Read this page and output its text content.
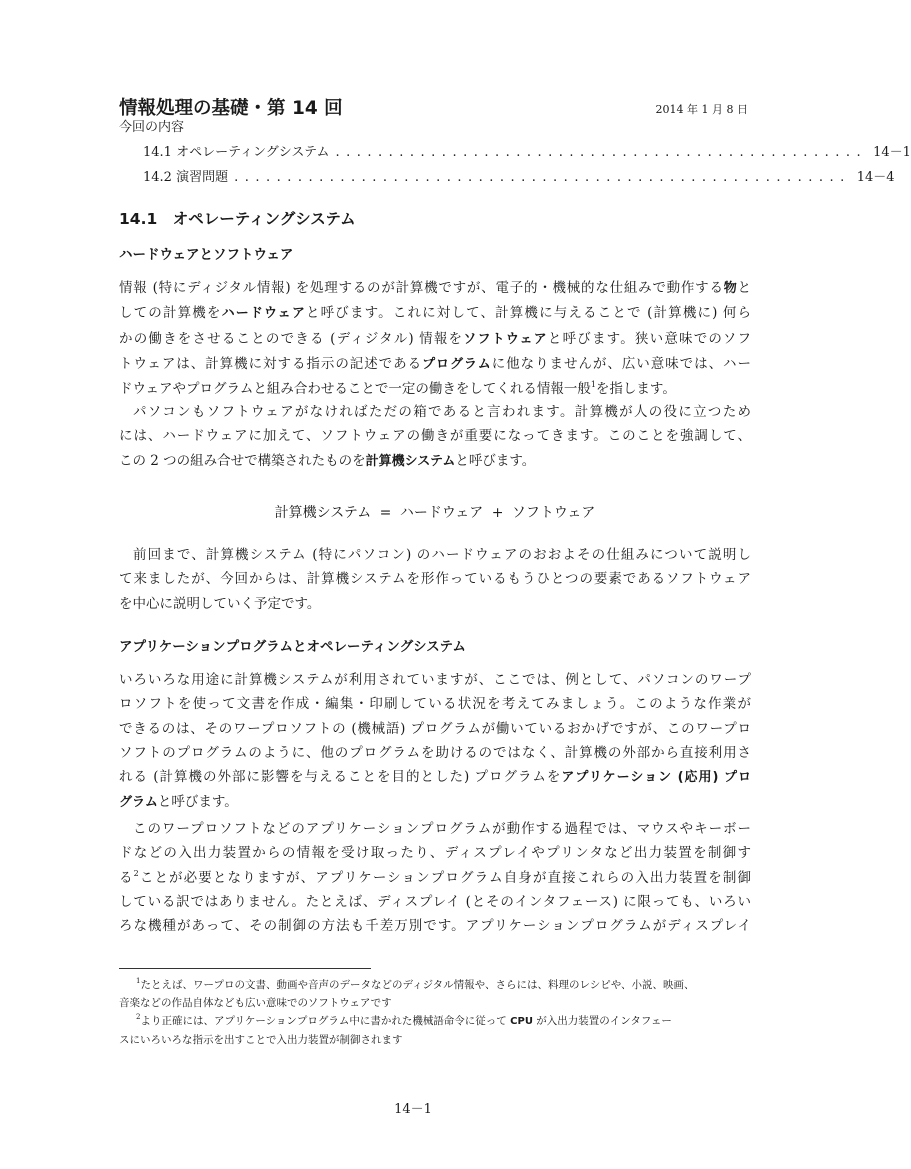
情報処理の基礎・第 14 回	2014 年 1 月 8 日
今回の内容
14.1 オペレーティングシステム .................................................. 14－1
14.2 演習問題 .......................................................... 14－4
14.1　オペレーティングシステム
ハードウェアとソフトウェア
情報 (特にディジタル情報) を処理するのが計算機ですが、電子的・機械的な仕組みで動作する物と
しての計算機をハードウェアと呼びます。これに対して、計算機に与えることで (計算機に) 何ら
かの働きをさせることのできる (ディジタル) 情報をソフトウェアと呼びます。狭い意味でのソフ
トウェアは、計算機に対する指示の記述であるプログラムに他なりませんが、広い意味では、ハー
ドウェアやプログラムと組み合わせることで一定の働きをしてくれる情報一般$^1$を指します。
パソコンもソフトウェアがなければただの箱であると言われます。計算機が人の役に立つため
には、ハードウェアに加えて、ソフトウェアの働きが重要になってきます。このことを強調して、
この 2 つの組み合せで構築されたものを計算機システムと呼びます。
計算機システム = ハードウェア + ソフトウェア
前回まで、計算機システム (特にパソコン) のハードウェアのおおよその仕組みについて説明し
て来ましたが、今回からは、計算機システムを形作っているもうひとつの要素であるソフトウェア
を中心に説明していく予定です。
アプリケーションプログラムとオペレーティングシステム
いろいろな用途に計算機システムが利用されていますが、ここでは、例として、パソコンのワープ
ロソフトを使って文書を作成・編集・印刷している状況を考えてみましょう。このような作業が
できるのは、そのワープロソフトの (機械語) プログラムが働いているおかげですが、このワープロ
ソフトのプログラムのように、他のプログラムを助けるのではなく、計算機の外部から直接利用さ
れる (計算機の外部に影響を与えることを目的とした) プログラムをアプリケーション (応用) プロ
グラムと呼びます。
このワープロソフトなどのアプリケーションプログラムが動作する過程では、マウスやキーボー
ドなどの入出力装置からの情報を受け取ったり、ディスプレイやプリンタなど出力装置を制御す
る$^2$ことが必要となりますが、アプリケーションプログラム自身が直接これらの入出力装置を制御
している訳ではありません。たとえば、ディスプレイ (とそのインタフェース) に限っても、いろい
ろな機種があって、その制御の方法も千差万別です。アプリケーションプログラムがディスプレイ
$^1$たとえば、ワープロの文書、動画や音声のデータなどのディジタル情報や、さらには、料理のレシピや、小説、映画、
音楽などの作品自体なども広い意味でのソフトウェアです
$^2$より正確には、アプリケーションプログラム中に書かれた機械語命令に従って CPU が入出力装置のインタフェー
スにいろいろな指示を出すことで入出力装置が制御されます
14－1
